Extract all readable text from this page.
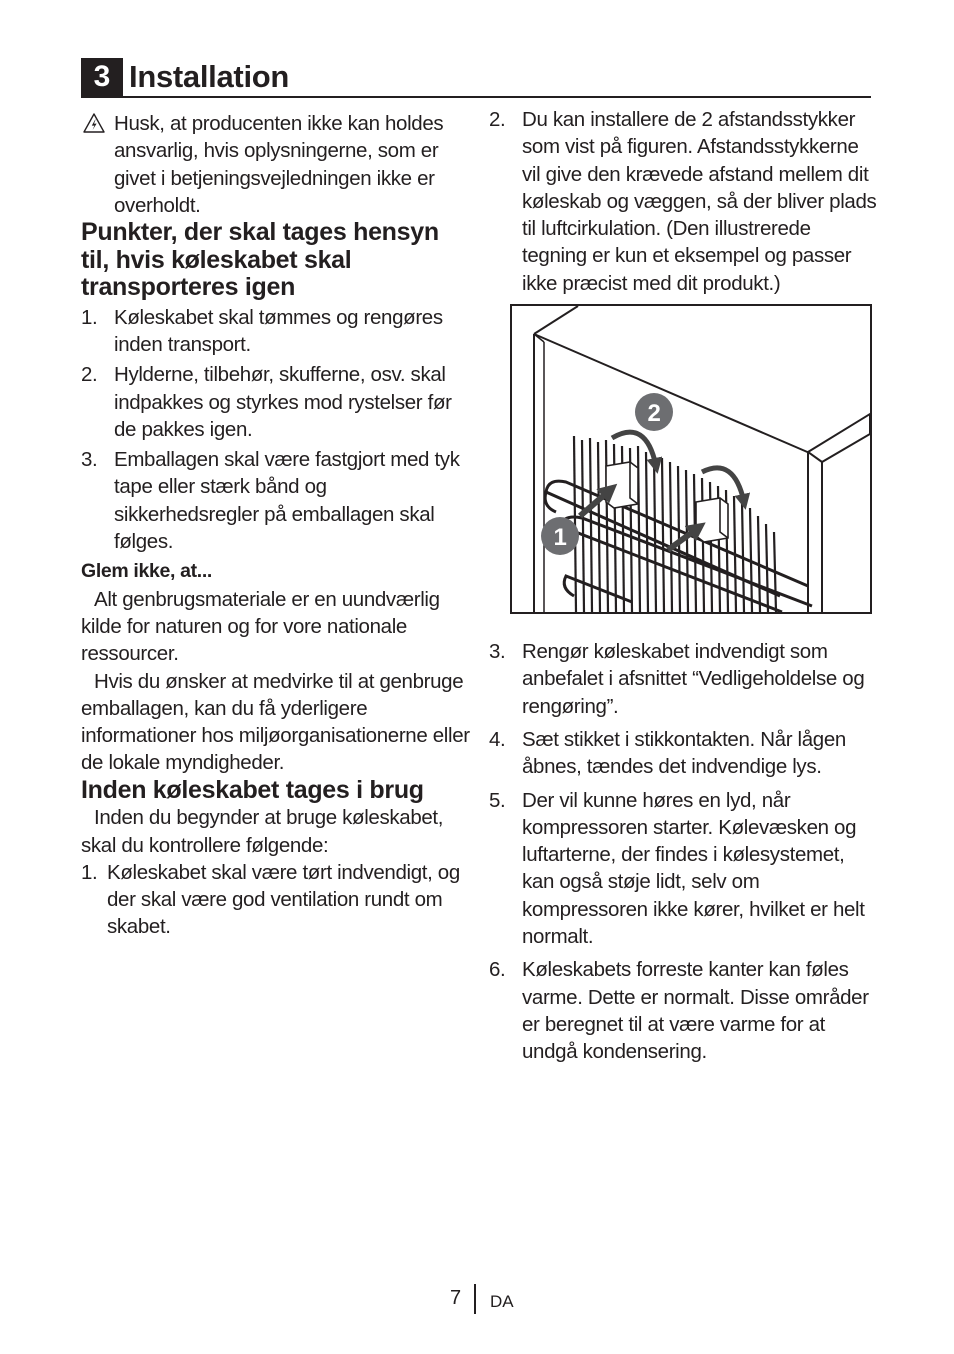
3 Installation
Husk, at producenten ikke kan holdes ansvarlig, hvis oplysningerne, som er givet i betjeningsvejledningen ikke er overholdt.
Punkter, der skal tages hensyn til, hvis køleskabet skal transporteres igen
1. Køleskabet skal tømmes og rengøres inden transport.
2. Hylderne, tilbehør, skufferne, osv. skal indpakkes og styrkes mod rystelser før de pakkes igen.
3. Emballagen skal være fastgjort med tyk tape eller stærk bånd og sikkerhedsregler på emballagen skal følges.
Glem ikke, at...

Alt genbrugsmateriale er en uundværlig kilde for naturen og for vore nationale ressourcer.

Hvis du ønsker at medvirke til at genbruge emballagen, kan du få yderligere informationer hos miljøorganisationerne eller de lokale myndigheder.

Inden køleskabet tages i brug

Inden du begynder at bruge køleskabet, skal du kontrollere følgende:

1. Køleskabet skal være tørt indvendigt, og der skal være god ventilation rundt om skabet.
2. Du kan installere de 2 afstandsstykker som vist på figuren. Afstandsstykkerne vil give den krævede afstand mellem dit køleskab og væggen, så der bliver plads til luftcirkulation. (Den illustrerede tegning er kun et eksempel og passer ikke præcist med dit produkt.)
2
1
3. Rengør køleskabet indvendigt som anbefalet i afsnittet “Vedligeholdelse og rengøring”.
4. Sæt stikket i stikkontakten. Når lågen åbnes, tændes det indvendige lys.
5. Der vil kunne høres en lyd, når kompressoren starter. Kølevæsken og luftarterne, der findes i kølesystemet, kan også støje lidt, selv om kompressoren ikke kører, hvilket er helt normalt.
6. Køleskabets forreste kanter kan føles varme. Dette er normalt. Disse områder er beregnet til at være varme for at undgå kondensering.
7 DA
